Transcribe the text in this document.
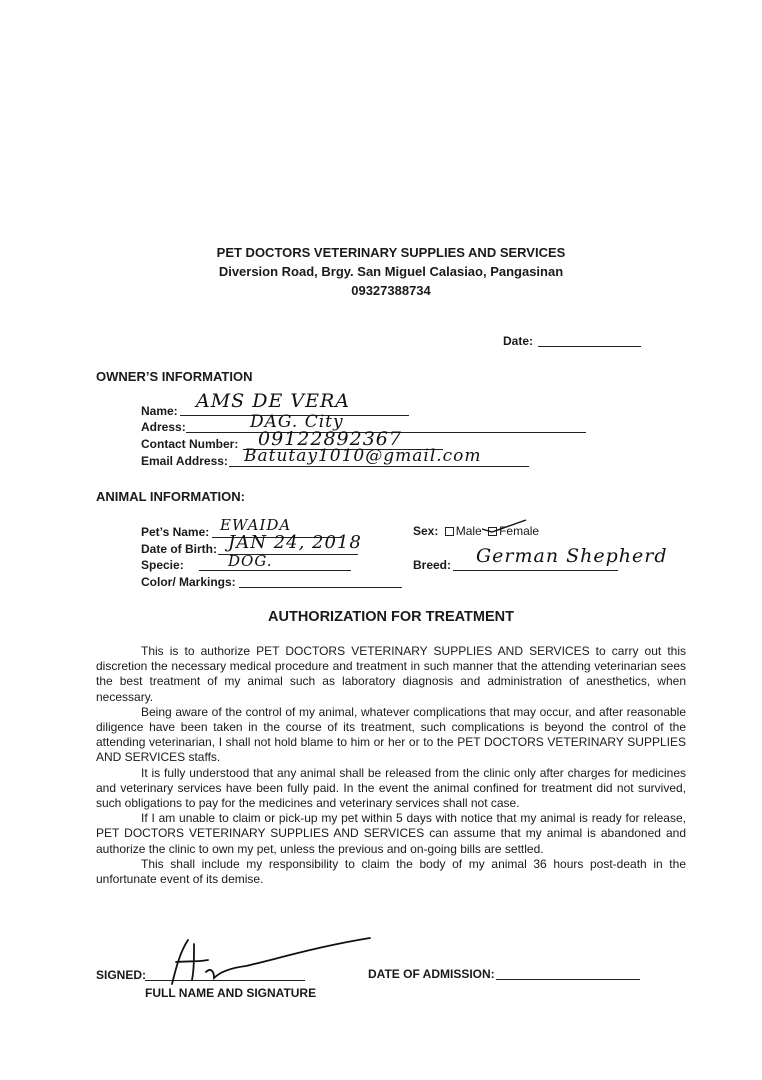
PET DOCTORS VETERINARY SUPPLIES AND SERVICES
Diversion Road, Brgy. San Miguel Calasiao, Pangasinan
09327388734
Date:
OWNER’S INFORMATION
Name: AMS DE VERA
Adress:	DAG. City
Contact Number: 09122892367
Email Address: Batutay1010@gmail.com
ANIMAL INFORMATION:
Pet’s Name: EWAIDA
Date of Birth: JAN 24, 2018
Specie:	DOG.
Color/ Markings:
Sex: Male Female
Breed: German Shepherd
AUTHORIZATION FOR TREATMENT

This is to authorize PET DOCTORS VETERINARY SUPPLIES AND SERVICES to carry out this discretion the necessary medical procedure and treatment in such manner that the attending veterinarian sees the best treatment of my animal such as laboratory diagnosis and administration of anesthetics, when necessary.

Being aware of the control of my animal, whatever complications that may occur, and after reasonable diligence have been taken in the course of its treatment, such complications is beyond the control of the attending veterinarian, I shall not hold blame to him or her or to the PET DOCTORS VETERINARY SUPPLIES AND SERVICES staffs.

It is fully understood that any animal shall be released from the clinic only after charges for medicines and veterinary services have been fully paid. In the event the animal confined for treatment did not survived, such obligations to pay for the medicines and veterinary services shall not case.

If I am unable to claim or pick-up my pet within 5 days with notice that my animal is ready for release, PET DOCTORS VETERINARY SUPPLIES AND SERVICES can assume that my animal is abandoned and authorize the clinic to own my pet, unless the previous and on-going bills are settled.

This shall include my responsibility to claim the body of my animal 36 hours post-death in the unfortunate event of its demise.

SIGNED:
FULL NAME AND SIGNATURE
DATE OF ADMISSION:
